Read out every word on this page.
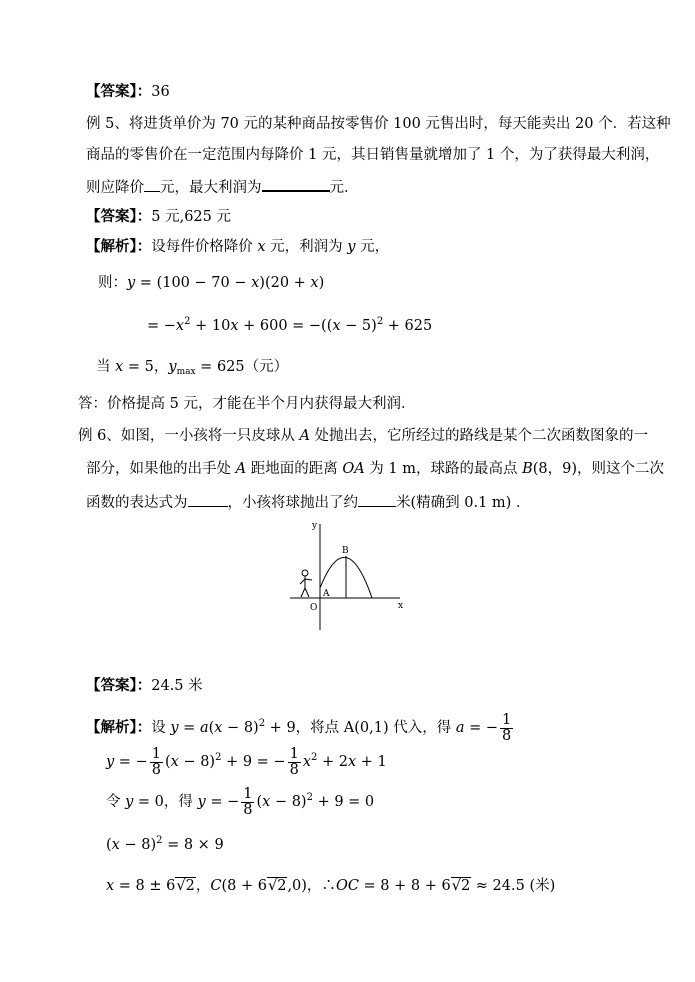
【答案】：36
例 5、将进货单价为 70 元的某种商品按零售价 100 元售出时，每天能卖出 20 个．若这种
商品的零售价在一定范围内每降价 1 元，其日销售量就增加了 1 个，为了获得最大利润，
则应降价 元，最大利润为	元．
【答案】：5 元,625 元
【解析】：设每件价格降价 x 元，利润为 y 元，
则：y = (100 − 70 − x)(20 + x)
= $-x^2 + 10x + 600 = -((x - 5)^2 + 625$
当 x = 5，$y_{max} = 625$（元）
答：价格提高 5 元，才能在半个月内获得最大利润．
例 6、如图，一小孩将一只皮球从 A 处抛出去，它所经过的路线是某个二次函数图象的一
部分，如果他的出手处 A 距地面的距离 OA 为 1 m，球路的最高点 B(8，9)，则这个二次
函数的表达式为	，小孩将球抛出了约	米(精确到 0.1 m) ．
y
x
O
A
B
【答案】：24.5 米
【解析】：设 $y = a(x - 8)^2 + 9$，将点 A(0,1) 代入，得 a = − $\frac{1}{8}$
y = − $\frac{1}{8} (x - 8)^2 + 9$ = − $\frac{1}{8} x^2 + 2x + 1$
令 y = 0，得 y = − $\frac{1}{8} (x - 8)^2 + 9 = 0$
$(x - 8)^2 = 8 \times 9$
x = 8 ± 6√2，C(8 + 6√2,0)，∴OC = 8 + 8 + 6√2 ≈ 24.5 (米)
